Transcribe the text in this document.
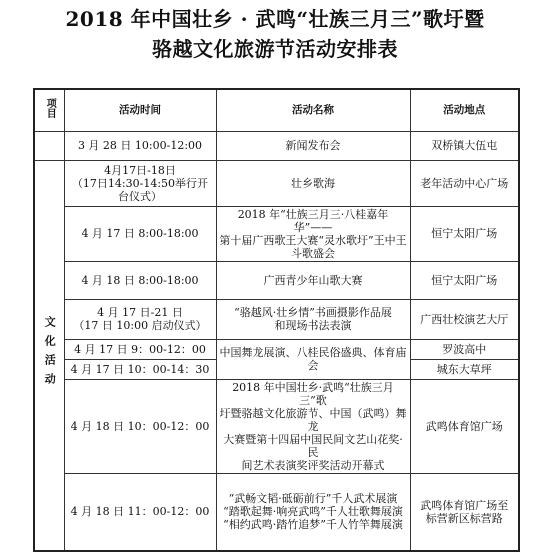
2018 年中国壮乡 · 武鸣“壮族三月三”歌圩暨
骆越文化旅游节活动安排表
项目	活动时间	活动名称	活动地点

	3 月 28 日 10:00-12:00	新闻发布会	双桥镇大伍屯

文化活动	4月17日-18日
（17日14:30-14:50举行开
台仪式）	壮乡歌海	老年活动中心广场

	4 月 17 日 8:00-18:00	2018 年“壮族三月三·八桂嘉年华”——
第十届广西歌王大赛“灵水歌圩”王中王
斗歌盛会	恒宁太阳广场

	4 月 18 日 8:00-18:00	广西青少年山歌大赛	恒宁太阳广场

	4 月 17 日-21 日
（17 日 10:00 启动仪式）	“骆越风·壮乡情”书画摄影作品展
和现场书法表演	广西壮校演艺大厅

	4 月 17 日 9：00-12：00	中国舞龙展演、八桂民俗盛典、体育庙会	罗波高中

	4 月 17 日 10：00-14：30		城东大草坪

	4 月 18 日 10：00-12：00	2018 年中国壮乡·武鸣“壮族三月三”歌
圩暨骆越文化旅游节、中国（武鸣）舞龙
大赛暨第十四届中国民间文艺山花奖·民
间艺术表演奖评奖活动开幕式	武鸣体育馆广场

	4 月 18 日 11：00-12：00	“武畅文韬·砥砺前行”千人武术展演
“踏歌起舞·响亮武鸣”千人壮歌舞展演
“相约武鸣·踏竹追梦”千人竹竿舞展演	武鸣体育馆广场至
标营新区标营路
